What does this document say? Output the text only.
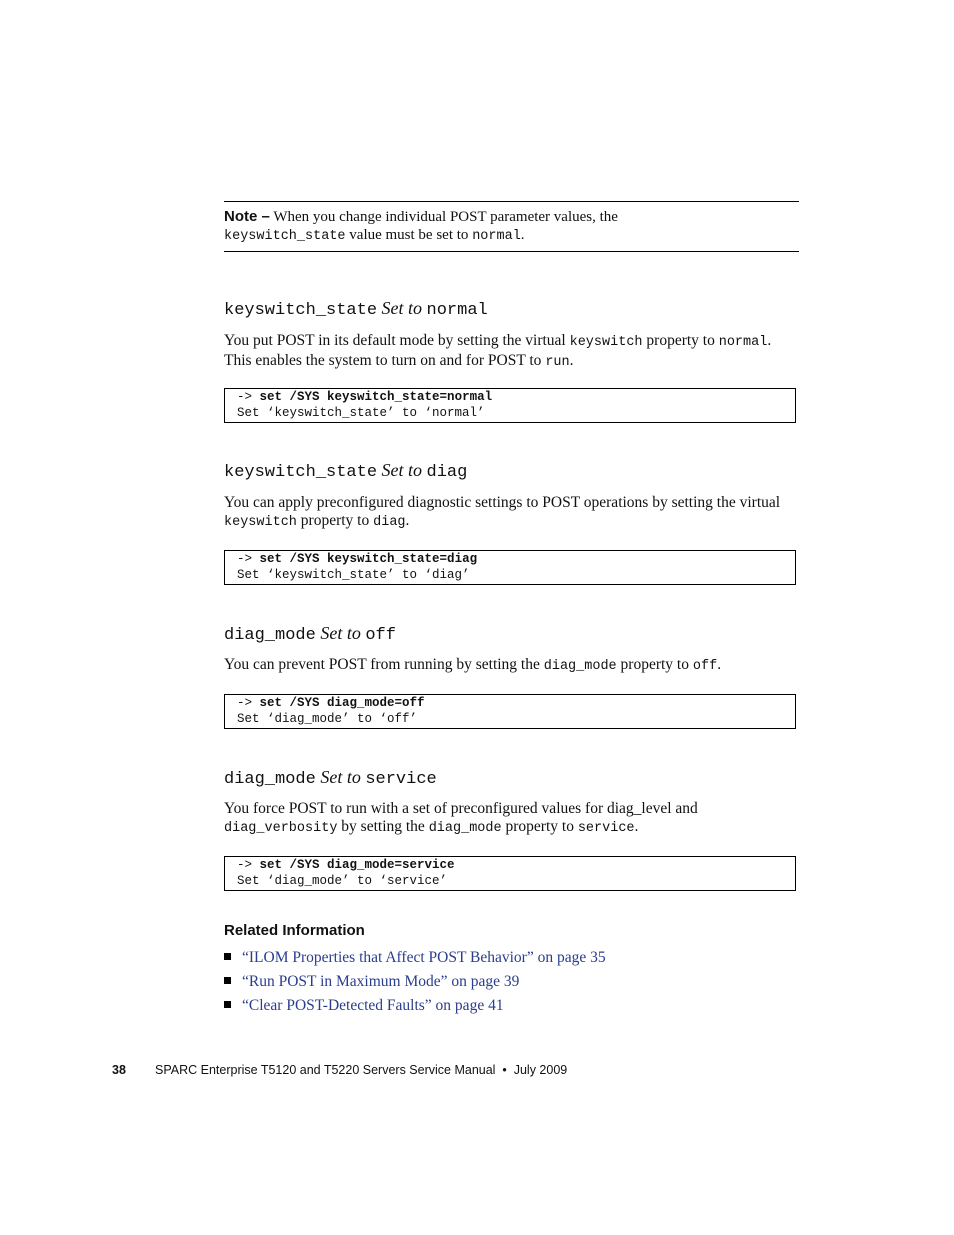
Note – When you change individual POST parameter values, the
keyswitch_state value must be set to normal.
keyswitch_state Set to normal

You put POST in its default mode by setting the virtual keyswitch property to normal. This enables the system to turn on and for POST to run.

-> set /SYS keyswitch_state=normal
Set ‘keyswitch_state’ to ‘normal’
keyswitch_state Set to diag

You can apply preconfigured diagnostic settings to POST operations by setting the virtual keyswitch property to diag.

-> set /SYS keyswitch_state=diag
Set ‘keyswitch_state’ to ‘diag’
diag_mode Set to off

You can prevent POST from running by setting the diag_mode property to off.

-> set /SYS diag_mode=off
Set ‘diag_mode’ to ‘off’
diag_mode Set to service

You force POST to run with a set of preconfigured values for diag_level and diag_verbosity by setting the diag_mode property to service.

-> set /SYS diag_mode=service
Set ‘diag_mode’ to ‘service’
Related Information
“ILOM Properties that Affect POST Behavior” on page 35
“Run POST in Maximum Mode” on page 39
“Clear POST-Detected Faults” on page 41
38 SPARC Enterprise T5120 and T5220 Servers Service Manual  •  July 2009
